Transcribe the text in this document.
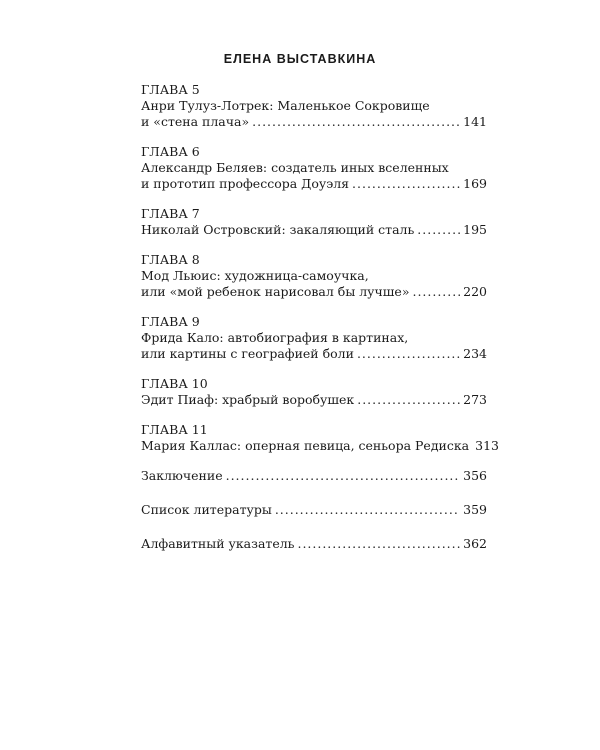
ЕЛЕНА ВЫСТАВКИНА
ГЛАВА 5
Анри Тулуз-Лотрек: Маленькое Сокровище
и «стена плача» .....	141
ГЛАВА 6
Александр Беляев: создатель иных вселенных
и прототип профессора Доуэля .....	169
ГЛАВА 7
Николай Островский: закаляющий сталь .....	195
ГЛАВА 8
Мод Льюис: художница-самоучка,
или «мой ребенок нарисовал бы лучше» .....	220
ГЛАВА 9
Фрида Кало: автобиография в картинах,
или картины с географией боли .....	234
ГЛАВА 10
Эдит Пиаф: храбрый воробушек .....	273
ГЛАВА 11
Мария Каллас: оперная певица, сеньора Редиска 313
Заключение .....	356
Список литературы .....	359
Алфавитный указатель .....	362
